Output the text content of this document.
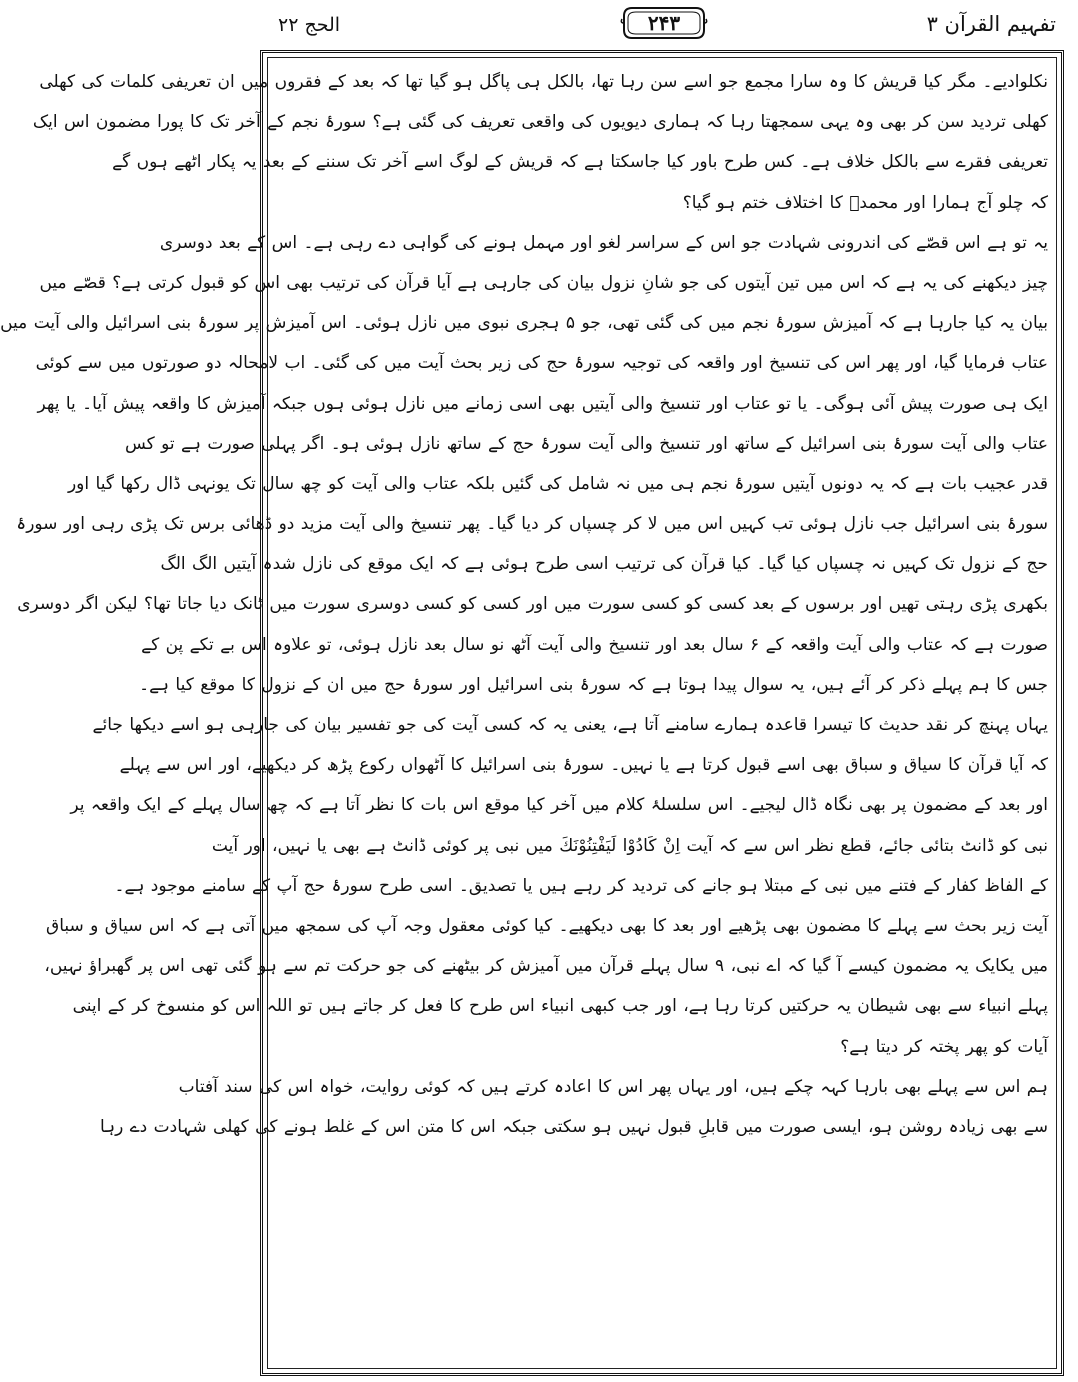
الحج ۲۲	۲۴۳	تفہیم القرآن ۳
نکلوادیے۔ مگر کیا قریش کا وہ سارا مجمع جو اسے سن رہا تھا، بالکل ہی پاگل ہو گیا تھا کہ بعد کے فقروں میں ان تعریفی کلمات کی کھلی
کھلی تردید سن کر بھی وہ یہی سمجھتا رہا کہ ہماری دیویوں کی واقعی تعریف کی گئی ہے؟ سورۂ نجم کے آخر تک کا پورا مضمون اس ایک
تعریفی فقرے سے بالکل خلاف ہے۔ کس طرح باور کیا جاسکتا ہے کہ قریش کے لوگ اسے آخر تک سننے کے بعد یہ پکار اٹھے ہوں گے
کہ چلو آج ہمارا اور محمدؐ کا اختلاف ختم ہو گیا؟
یہ تو ہے اس قصّے کی اندرونی شہادت جو اس کے سراسر لغو اور مہمل ہونے کی گواہی دے رہی ہے۔ اس کے بعد دوسری
چیز دیکھنے کی یہ ہے کہ اس میں تین آیتوں کی جو شانِ نزول بیان کی جارہی ہے آیا قرآن کی ترتیب بھی اس کو قبول کرتی ہے؟ قصّے میں
بیان یہ کیا جارہا ہے کہ آمیزش سورۂ نجم میں کی گئی تھی، جو ۵ ہجری نبوی میں نازل ہوئی۔ اس آمیزش پر سورۂ بنی اسرائیل والی آیت میں
عتاب فرمایا گیا، اور پھر اس کی تنسیخ اور واقعہ کی توجیہ سورۂ حج کی زیر بحث آیت میں کی گئی۔ اب لامحالہ دو صورتوں میں سے کوئی
ایک ہی صورت پیش آئی ہوگی۔ یا تو عتاب اور تنسیخ والی آیتیں بھی اسی زمانے میں نازل ہوئی ہوں جبکہ آمیزش کا واقعہ پیش آیا۔ یا پھر
عتاب والی آیت سورۂ بنی اسرائیل کے ساتھ اور تنسیخ والی آیت سورۂ حج کے ساتھ نازل ہوئی ہو۔ اگر پہلی صورت ہے تو کس
قدر عجیب بات ہے کہ یہ دونوں آیتیں سورۂ نجم ہی میں نہ شامل کی گئیں بلکہ عتاب والی آیت کو چھ سال تک یونہی ڈال رکھا گیا اور
سورۂ بنی اسرائیل جب نازل ہوئی تب کہیں اس میں لا کر چسپاں کر دیا گیا۔ پھر تنسیخ والی آیت مزید دو ڈھائی برس تک پڑی رہی اور سورۂ
حج کے نزول تک کہیں نہ چسپاں کیا گیا۔ کیا قرآن کی ترتیب اسی طرح ہوئی ہے کہ ایک موقع کی نازل شدہ آیتیں الگ الگ
بکھری پڑی رہتی تھیں اور برسوں کے بعد کسی کو کسی سورت میں اور کسی کو کسی دوسری سورت میں ٹانک دیا جاتا تھا؟ لیکن اگر دوسری
صورت ہے کہ عتاب والی آیت واقعہ کے ۶ سال بعد اور تنسیخ والی آیت آٹھ نو سال بعد نازل ہوئی، تو علاوہ اس بے تکے پن کے
جس کا ہم پہلے ذکر کر آئے ہیں، یہ سوال پیدا ہوتا ہے کہ سورۂ بنی اسرائیل اور سورۂ حج میں ان کے نزول کا موقع کیا ہے۔
یہاں پہنچ کر نقد حدیث کا تیسرا قاعدہ ہمارے سامنے آتا ہے، یعنی یہ کہ کسی آیت کی جو تفسیر بیان کی جارہی ہو اسے دیکھا جائے
کہ آیا قرآن کا سیاق و سباق بھی اسے قبول کرتا ہے یا نہیں۔ سورۂ بنی اسرائیل کا آٹھواں رکوع پڑھ کر دیکھیے، اور اس سے پہلے
اور بعد کے مضمون پر بھی نگاہ ڈال لیجیے۔ اس سلسلۂ کلام میں آخر کیا موقع اس بات کا نظر آتا ہے کہ چھ سال پہلے کے ایک واقعہ پر
نبی کو ڈانٹ بتائی جائے، قطع نظر اس سے کہ آیت اِنْ كَادُوْا لَيَفْتِنُوْنَكَ میں نبی پر کوئی ڈانٹ ہے بھی یا نہیں، اور آیت
کے الفاظ کفار کے فتنے میں نبی کے مبتلا ہو جانے کی تردید کر رہے ہیں یا تصدیق۔ اسی طرح سورۂ حج آپ کے سامنے موجود ہے۔
آیت زیر بحث سے پہلے کا مضمون بھی پڑھیے اور بعد کا بھی دیکھیے۔ کیا کوئی معقول وجہ آپ کی سمجھ میں آتی ہے کہ اس سیاق و سباق
میں یکایک یہ مضمون کیسے آ گیا کہ اے نبی، ۹ سال پہلے قرآن میں آمیزش کر بیٹھنے کی جو حرکت تم سے ہو گئی تھی اس پر گھبراؤ نہیں،
پہلے انبیاء سے بھی شیطان یہ حرکتیں کرتا رہا ہے، اور جب کبھی انبیاء اس طرح کا فعل کر جاتے ہیں تو اللہ اس کو منسوخ کر کے اپنی
آیات کو پھر پختہ کر دیتا ہے؟
ہم اس سے پہلے بھی بارہا کہہ چکے ہیں، اور یہاں پھر اس کا اعادہ کرتے ہیں کہ کوئی روایت، خواہ اس کی سند آفتاب
سے بھی زیادہ روشن ہو، ایسی صورت میں قابلِ قبول نہیں ہو سکتی جبکہ اس کا متن اس کے غلط ہونے کی کھلی شہادت دے رہا
